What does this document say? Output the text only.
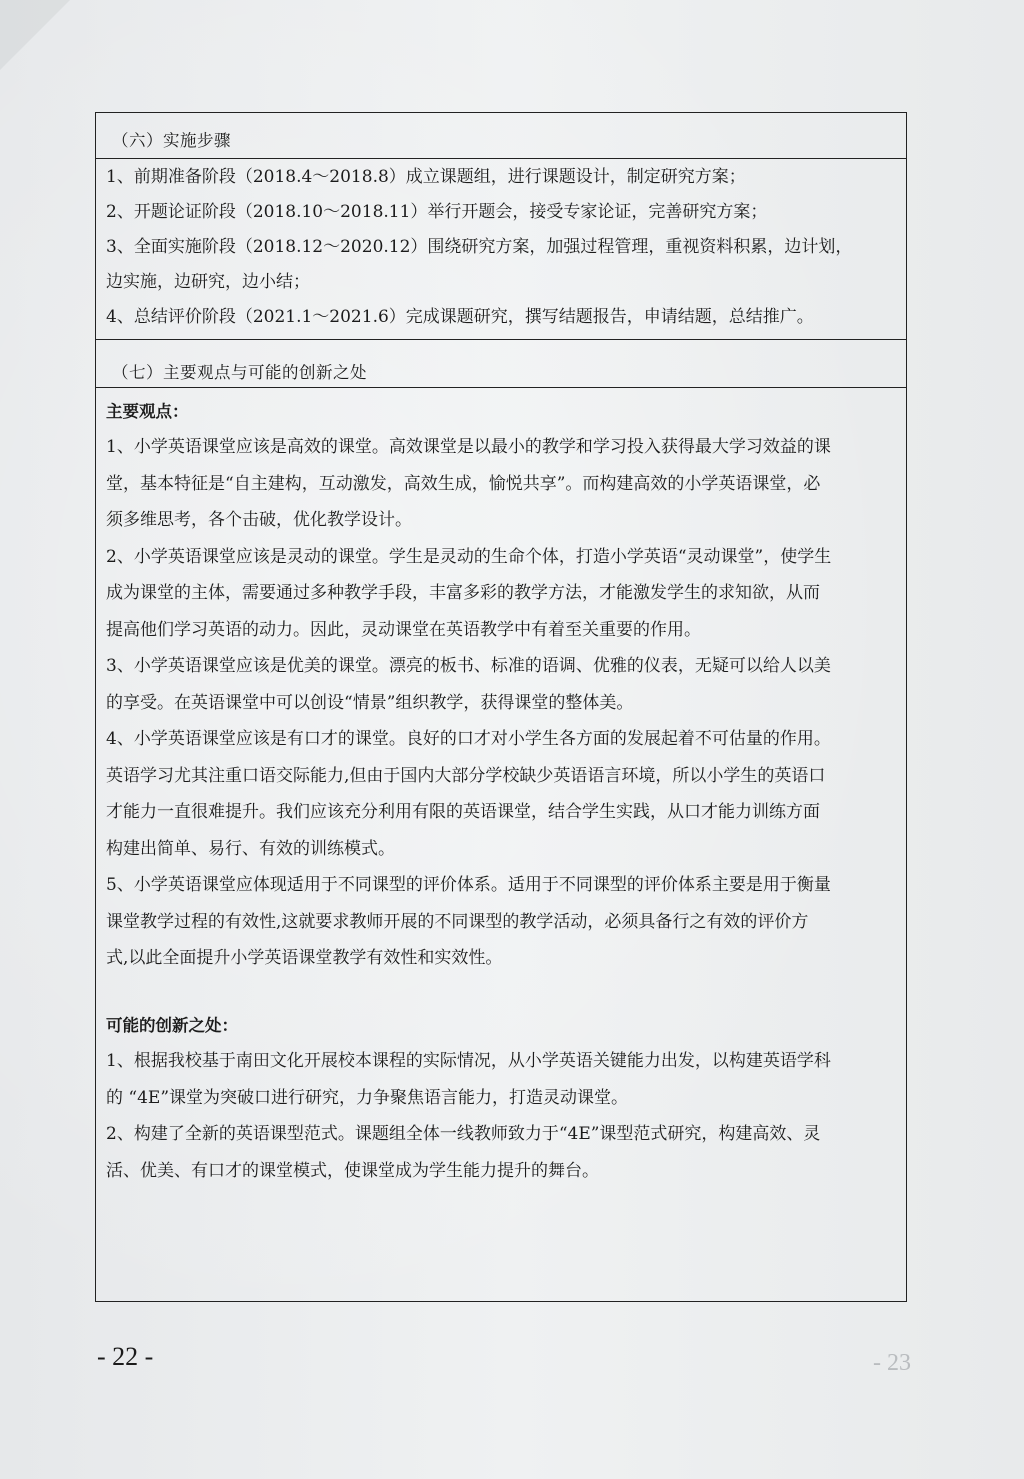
（六）实施步骤
1、前期准备阶段（2018.4～2018.8）成立课题组，进行课题设计，制定研究方案；
2、开题论证阶段（2018.10～2018.11）举行开题会，接受专家论证，完善研究方案；
3、全面实施阶段（2018.12～2020.12）围绕研究方案，加强过程管理，重视资料积累，边计划，
边实施，边研究，边小结；
4、总结评价阶段（2021.1～2021.6）完成课题研究，撰写结题报告，申请结题，总结推广。
（七）主要观点与可能的创新之处
主要观点：
1、小学英语课堂应该是高效的课堂。高效课堂是以最小的教学和学习投入获得最大学习效益的课
堂，基本特征是“自主建构，互动激发，高效生成，愉悦共享”。而构建高效的小学英语课堂，必
须多维思考，各个击破，优化教学设计。
2、小学英语课堂应该是灵动的课堂。学生是灵动的生命个体，打造小学英语“灵动课堂”，使学生
成为课堂的主体，需要通过多种教学手段，丰富多彩的教学方法，才能激发学生的求知欲，从而
提高他们学习英语的动力。因此，灵动课堂在英语教学中有着至关重要的作用。
3、小学英语课堂应该是优美的课堂。漂亮的板书、标准的语调、优雅的仪表，无疑可以给人以美
的享受。在英语课堂中可以创设“情景”组织教学，获得课堂的整体美。
4、小学英语课堂应该是有口才的课堂。良好的口才对小学生各方面的发展起着不可估量的作用。
英语学习尤其注重口语交际能力,但由于国内大部分学校缺少英语语言环境，所以小学生的英语口
才能力一直很难提升。我们应该充分利用有限的英语课堂，结合学生实践，从口才能力训练方面
构建出简单、易行、有效的训练模式。
5、小学英语课堂应体现适用于不同课型的评价体系。适用于不同课型的评价体系主要是用于衡量
课堂教学过程的有效性,这就要求教师开展的不同课型的教学活动，必须具备行之有效的评价方
式,以此全面提升小学英语课堂教学有效性和实效性。
可能的创新之处：
1、根据我校基于南田文化开展校本课程的实际情况，从小学英语关键能力出发，以构建英语学科
的 “4E”课堂为突破口进行研究，力争聚焦语言能力，打造灵动课堂。
2、构建了全新的英语课型范式。课题组全体一线教师致力于“4E”课型范式研究，构建高效、灵
活、优美、有口才的课堂模式，使课堂成为学生能力提升的舞台。
- 22 -	- 23
